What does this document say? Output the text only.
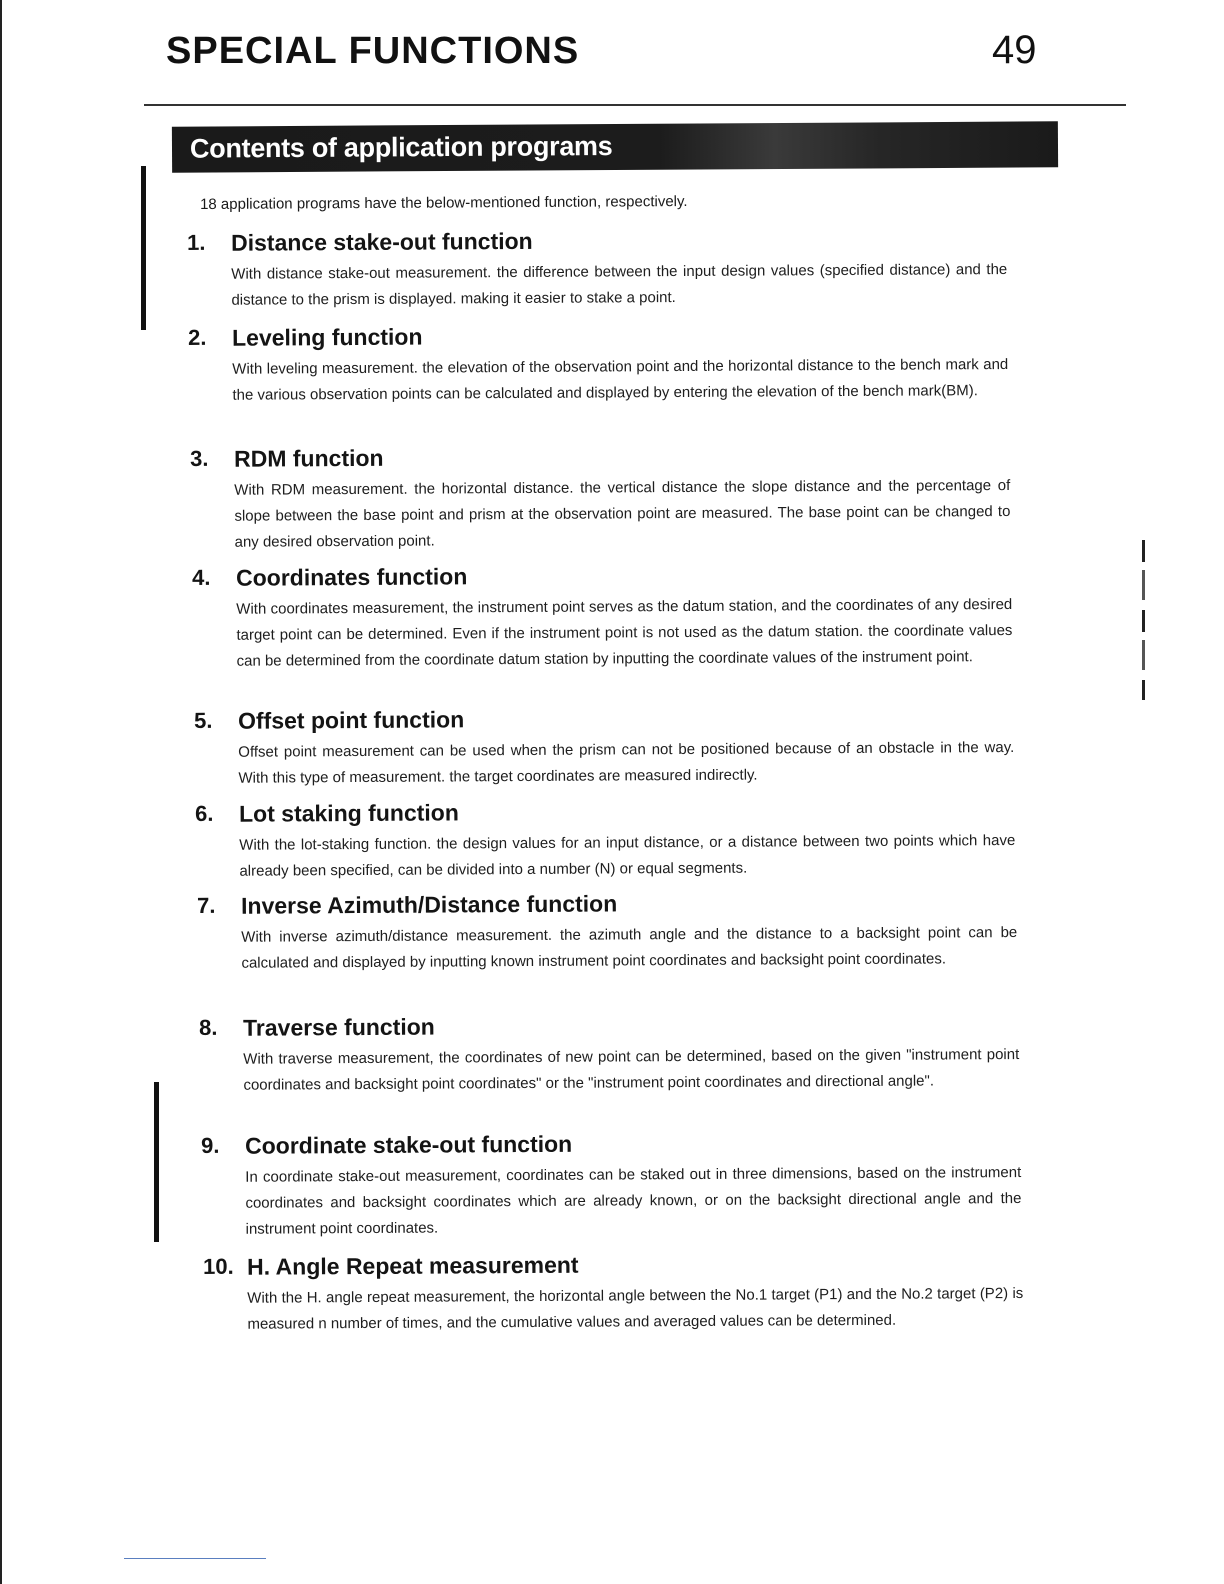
SPECIAL FUNCTIONS	49
Contents of application programs
18 application programs have the below-mentioned function, respectively.
1. Distance stake-out function
With distance stake-out measurement. the difference between the input design values (specified distance) and the distance to the prism is displayed. making it easier to stake a point.
2. Leveling function
With leveling measurement. the elevation of the observation point and the horizontal distance to the bench mark and the various observation points can be calculated and displayed by entering the elevation of the bench mark(BM).
3. RDM function
With RDM measurement. the horizontal distance. the vertical distance the slope distance and the percentage of slope between the base point and prism at the observation point are measured. The base point can be changed to any desired observation point.
4. Coordinates function
With coordinates measurement, the instrument point serves as the datum station, and the coordinates of any desired target point can be determined. Even if the instrument point is not used as the datum station. the coordinate values can be determined from the coordinate datum station by inputting the coordinate values of the instrument point.
5. Offset point function
Offset point measurement can be used when the prism can not be positioned because of an obstacle in the way. With this type of measurement. the target coordinates are measured indirectly.
6. Lot staking function
With the lot-staking function. the design values for an input distance, or a distance between two points which have already been specified, can be divided into a number (N) or equal segments.
7. Inverse Azimuth/Distance function
With inverse azimuth/distance measurement. the azimuth angle and the distance to a backsight point can be calculated and displayed by inputting known instrument point coordinates and backsight point coordinates.
8. Traverse function
With traverse measurement, the coordinates of new point can be determined, based on the given "instrument point coordinates and backsight point coordinates" or the "instrument point coordinates and directional angle".
9. Coordinate stake-out function
In coordinate stake-out measurement, coordinates can be staked out in three dimensions, based on the instrument coordinates and backsight coordinates which are already known, or on the backsight directional angle and the instrument point coordinates.
10. H. Angle Repeat measurement
With the H. angle repeat measurement, the horizontal angle between the No.1 target (P1) and the No.2 target (P2) is measured n number of times, and the cumulative values and averaged values can be determined.
